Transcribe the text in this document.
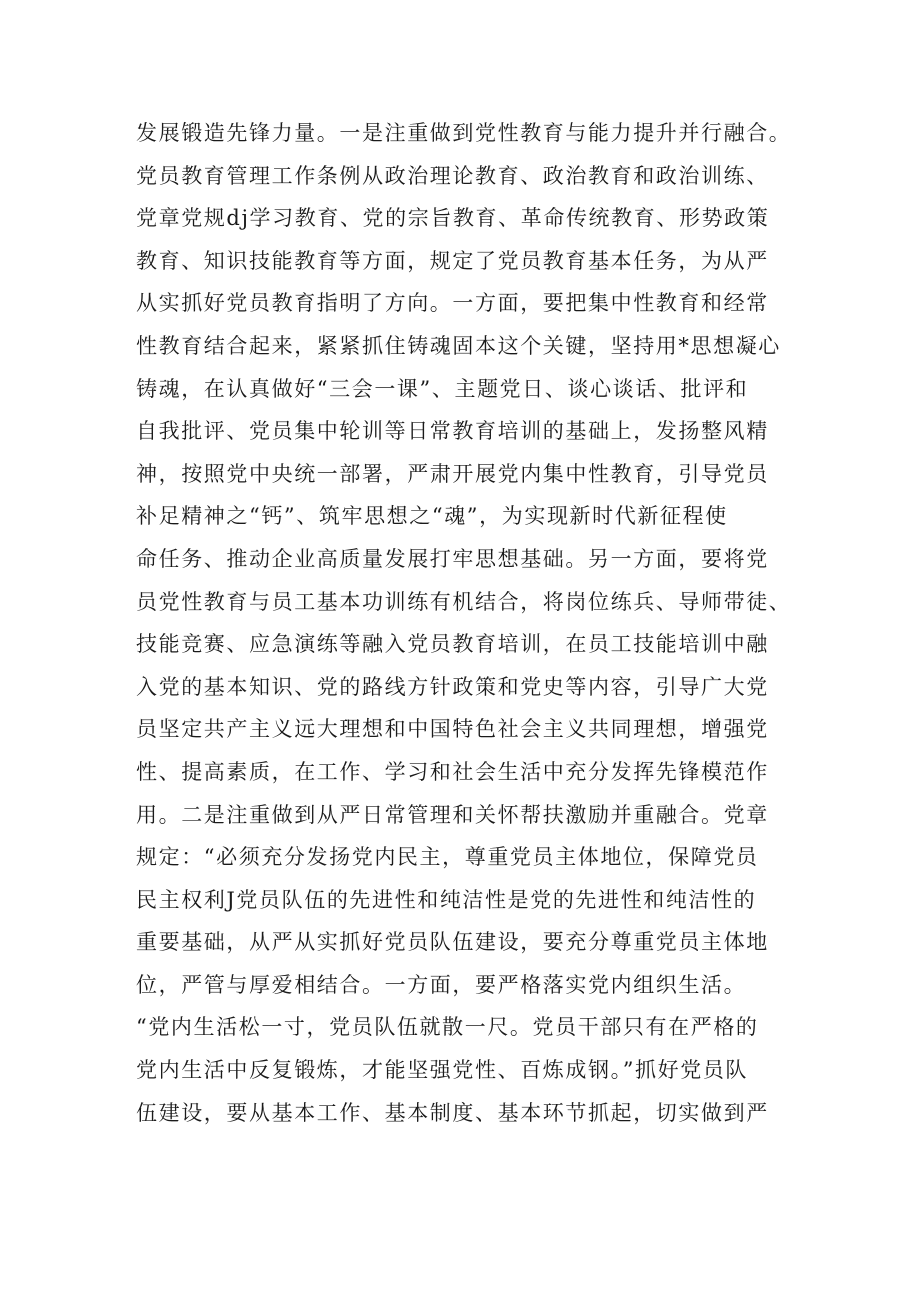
发展锻造先锋力量。一是注重做到党性教育与能力提升并行融合。
党员教育管理工作条例从政治理论教育、政治教育和政治训练、
党章党规dj学习教育、党的宗旨教育、革命传统教育、形势政策
教育、知识技能教育等方面，规定了党员教育基本任务，为从严
从实抓好党员教育指明了方向。一方面，要把集中性教育和经常
性教育结合起来，紧紧抓住铸魂固本这个关键，坚持用*思想凝心
铸魂，在认真做好“三会一课”、主题党日、谈心谈话、批评和
自我批评、党员集中轮训等日常教育培训的基础上，发扬整风精
神，按照党中央统一部署，严肃开展党内集中性教育，引导党员
补足精神之“钙”、筑牢思想之“魂”，为实现新时代新征程使
命任务、推动企业高质量发展打牢思想基础。另一方面，要将党
员党性教育与员工基本功训练有机结合，将岗位练兵、导师带徒、
技能竞赛、应急演练等融入党员教育培训，在员工技能培训中融
入党的基本知识、党的路线方针政策和党史等内容，引导广大党
员坚定共产主义远大理想和中国特色社会主义共同理想，增强党
性、提高素质，在工作、学习和社会生活中充分发挥先锋模范作
用。二是注重做到从严日常管理和关怀帮扶激励并重融合。党章
规定：“必须充分发扬党内民主，尊重党员主体地位，保障党员
民主权利J党员队伍的先进性和纯洁性是党的先进性和纯洁性的
重要基础，从严从实抓好党员队伍建设，要充分尊重党员主体地
位，严管与厚爱相结合。一方面，要严格落实党内组织生活。
“党内生活松一寸，党员队伍就散一尺。党员干部只有在严格的
党内生活中反复锻炼，才能坚强党性、百炼成钢。”抓好党员队
伍建设，要从基本工作、基本制度、基本环节抓起，切实做到严
